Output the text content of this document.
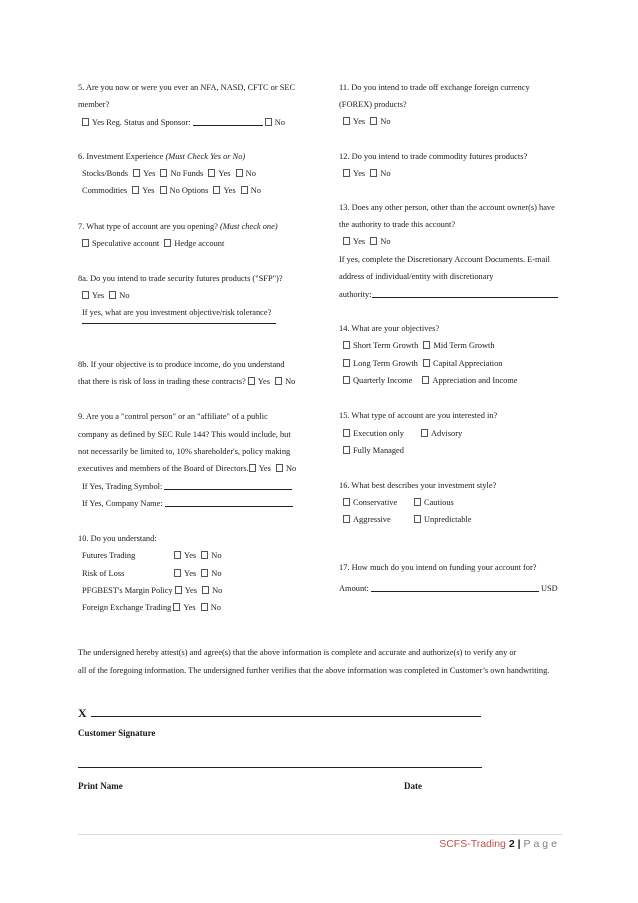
5. Are you now or were you ever an NFA, NASD, CFTC or SEC
member?
Yes Reg. Status and Sponsor:	No
6. Investment Experience (Must Check Yes or No)
Stocks/Bonds Yes No Funds Yes No
Commodities Yes No Options Yes No
7. What type of account are you opening? (Must check one)
Speculative account Hedge account
8a. Do you intend to trade security futures products ("SFP")?
Yes No
If yes, what are you investment objective/risk tolerance?
8b. If your objective is to produce income, do you understand
that there is risk of loss in trading these contracts? Yes No
9. Are you a "control person" or an "affiliate" of a public
company as defined by SEC Rule 144? This would include, but
not necessarily be limited to, 10% shareholder's, policy making
executives and members of the Board of Directors. Yes No
If Yes, Trading Symbol:
If Yes, Company Name:
10. Do you understand:
Futures Trading	Yes No
Risk of Loss	Yes No
PFGBEST's Margin Policy Yes No
Foreign Exchange Trading Yes No
11. Do you intend to trade off exchange foreign currency
(FOREX) products?
Yes No
12. Do you intend to trade commodity futures products?
Yes No
13. Does any other person, other than the account owner(s) have
the authority to trade this account?
Yes No
If yes, complete the Discretionary Account Documents. E-mail
address of individual/entity with discretionary
authority:
14. What are your objectives?
Short Term Growth Mid Term Growth
Long Term Growth Capital Appreciation
Quarterly Income Appreciation and Income
15. What type of account are you interested in?
Execution only	Advisory
Fully Managed
16. What best describes your investment style?
Conservative	Cautious
Aggressive	Unpredictable
17. How much do you intend on funding your account for?
Amount:	USD
The undersigned hereby attest(s) and agree(s) that the above information is complete and accurate and authorize(s) to verify any or
all of the foregoing information. The undersigned further verifies that the above information was completed in Customer’s own handwriting.
X
Customer Signature
Print Name	Date
SCFS-Trading 2 | Page
